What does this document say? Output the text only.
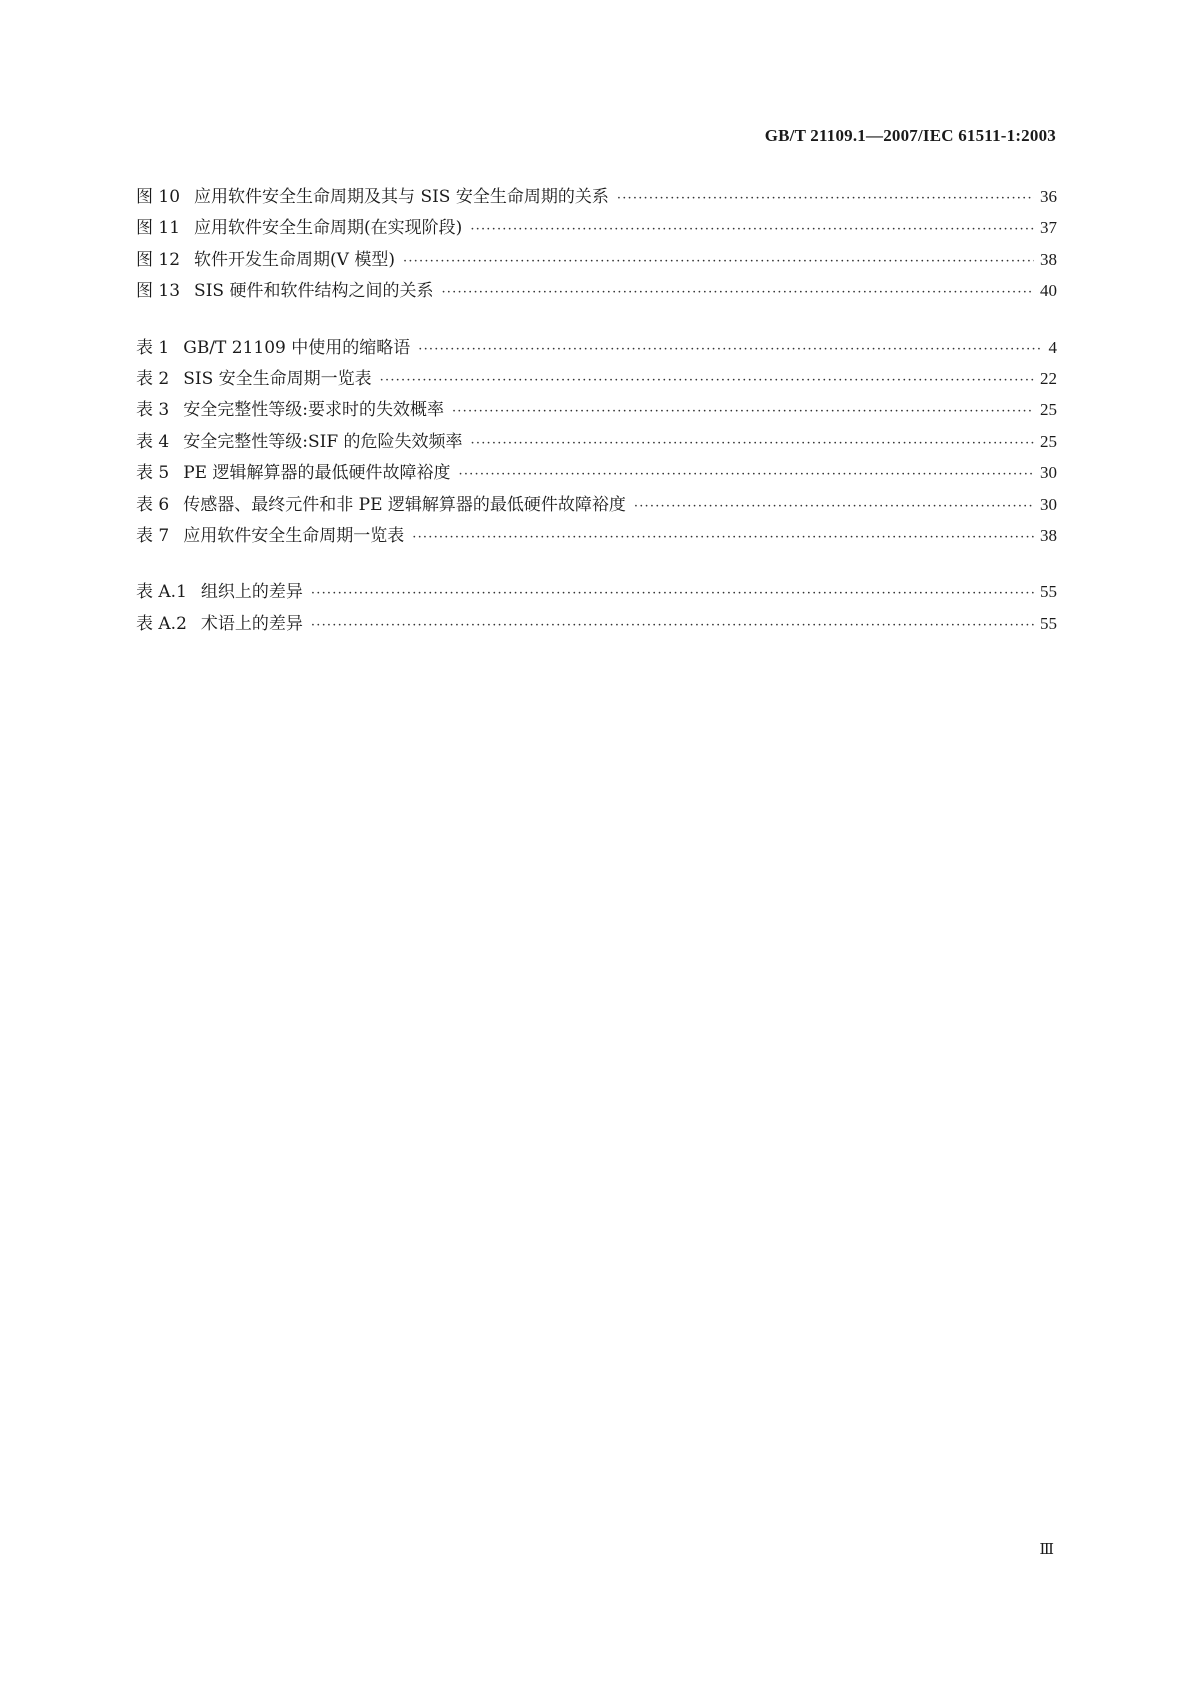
GB/T 21109.1—2007/IEC 61511-1:2003
图 10 应用软件安全生命周期及其与 SIS 安全生命周期的关系 ·····	36
图 11 应用软件安全生命周期(在实现阶段) ·····	37
图 12 软件开发生命周期(V 模型) ·····	38
图 13 SIS 硬件和软件结构之间的关系 ·····	40
表 1 GB/T 21109 中使用的缩略语 ·····	4
表 2 SIS 安全生命周期一览表 ·····	22
表 3 安全完整性等级:要求时的失效概率 ·····	25
表 4 安全完整性等级:SIF 的危险失效频率 ·····	25
表 5 PE 逻辑解算器的最低硬件故障裕度 ·····	30
表 6 传感器、最终元件和非 PE 逻辑解算器的最低硬件故障裕度 ·····	30
表 7 应用软件安全生命周期一览表 ·····	38
表 A.1 组织上的差异 ·····	55
表 A.2 术语上的差异 ·····	55
Ⅲ
